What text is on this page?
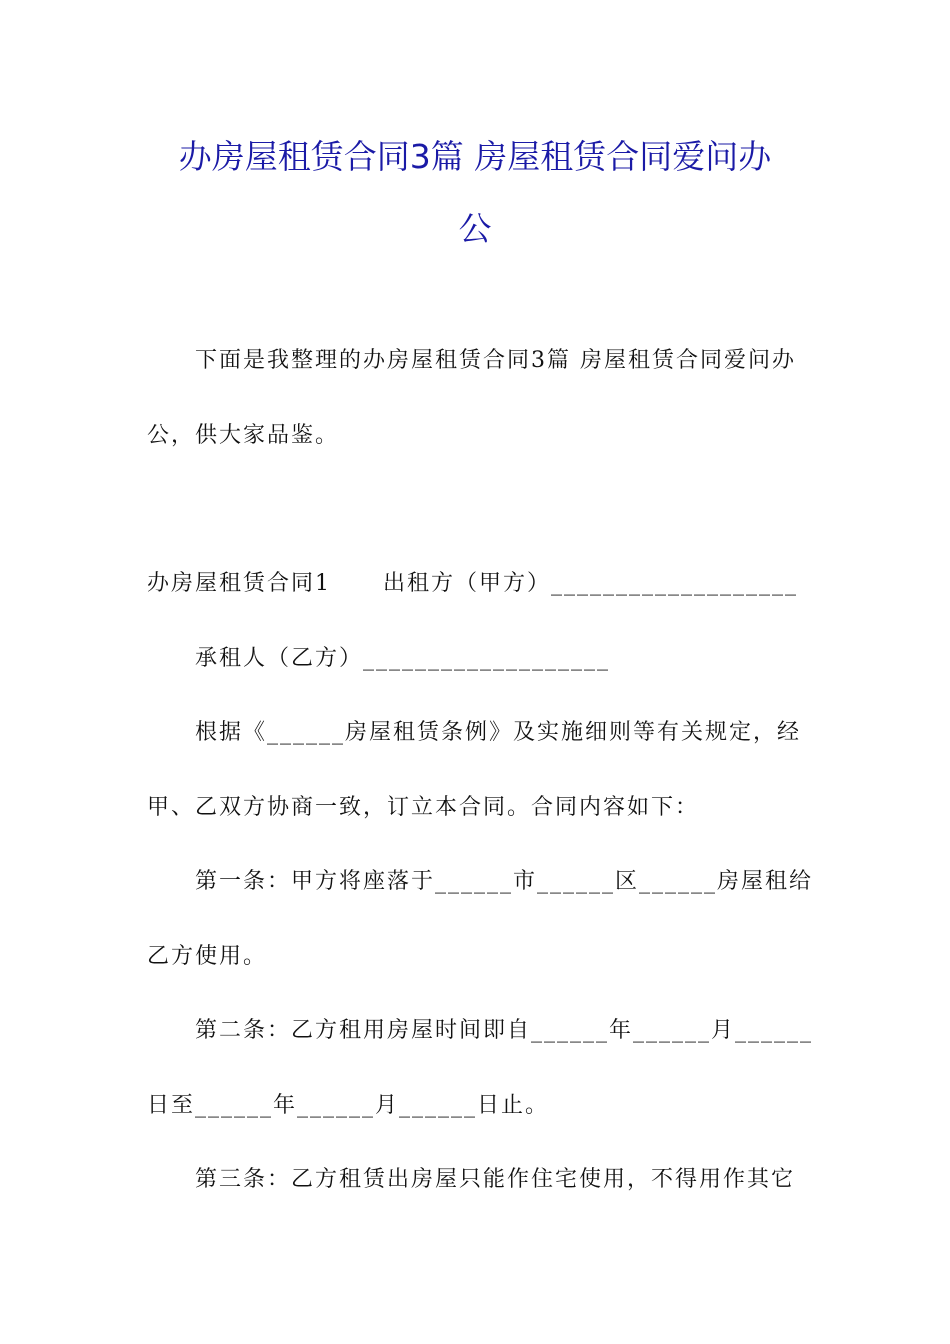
办房屋租赁合同3篇 房屋租赁合同爱问办
公
下面是我整理的办房屋租赁合同3篇 房屋租赁合同爱问办
公，供大家品鉴。
办房屋租赁合同1 出租方（甲方）___________________
承租人（乙方）___________________
根据《______房屋租赁条例》及实施细则等有关规定，经
甲、乙双方协商一致，订立本合同。合同内容如下：
第一条：甲方将座落于______市______区______房屋租给
乙方使用。
第二条：乙方租用房屋时间即自______年______月______
日至______年______月______日止。
第三条：乙方租赁出房屋只能作住宅使用，不得用作其它
